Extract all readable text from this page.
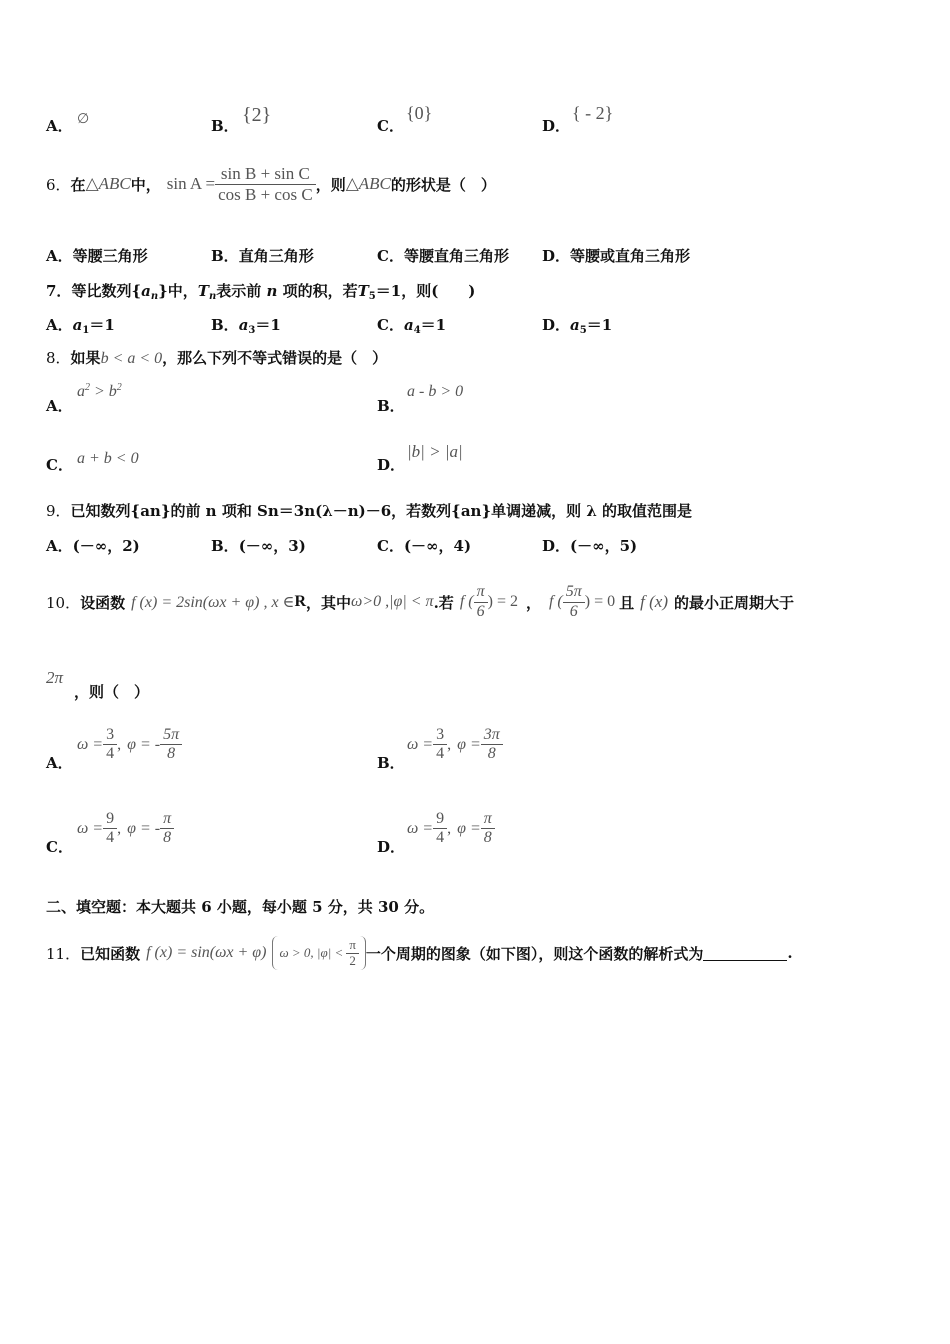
A． ∅	B． {2}	C．
{0}
D．
{ - 2}
6． 在 △ABC 中， $\sin A = \frac{\text{sin B + sin C}}{\text{cos B + cos C}}$ ，则 △ABC 的形状是（　）
A．等腰三角形	B．直角三角形	C．等腰直角三角形 D．等腰或直角三角形
7．等比数列$\{a_n\}$中，$T_n$表示前 n 项的积，若$T_5=1$，则(　　)
A．$a_1=1$	B．$a_3=1$	C．$a_4=1$	D．$a_5=1$
8．如果b < a < 0，那么下列不等式错误的是（　）
A．
$a^2 > b^2$
B．
a - b > 0
C． a + b < 0	D．
|b| > |a|
9．已知数列{an}的前 n 项和 Sn＝3n(λ－n)－6，若数列{an}单调递减，则 λ 的取值范围是
A．(－∞，2)	B．(－∞，3)	C．(－∞，4)	D．(－∞，5)
10． 设函数 f (x) = 2sin(ωx + φ) , x ∈ R ，其中 ω>0 ,|φ| < π .若 f ( $\frac{\pi}{6}$ ) = 2 ， f ( $\frac{5\pi}{6}$ ) = 0 且 f (x) 的最小正周期大于
2π
，则（　）
A．
$\omega = \frac{3}{4}$ , φ = - $\frac{5\pi}{8}$	B．
$\omega = \frac{3}{4}$ , $\varphi = \frac{3\pi}{8}$
C．
$\omega = \frac{9}{4}$ , φ = - $\frac{\pi}{8}$	D．
$\omega = \frac{9}{4}$ , $\varphi = \frac{\pi}{8}$
二、填空题：本大题共 6 小题，每小题 5 分，共 30 分。
11． 已知函数 f (x) = sin(ωx + φ) ω > 0, $|\varphi| < \frac{\pi}{2}$ 一个周期的图象（如下图），则这个函数的解析式为	.
